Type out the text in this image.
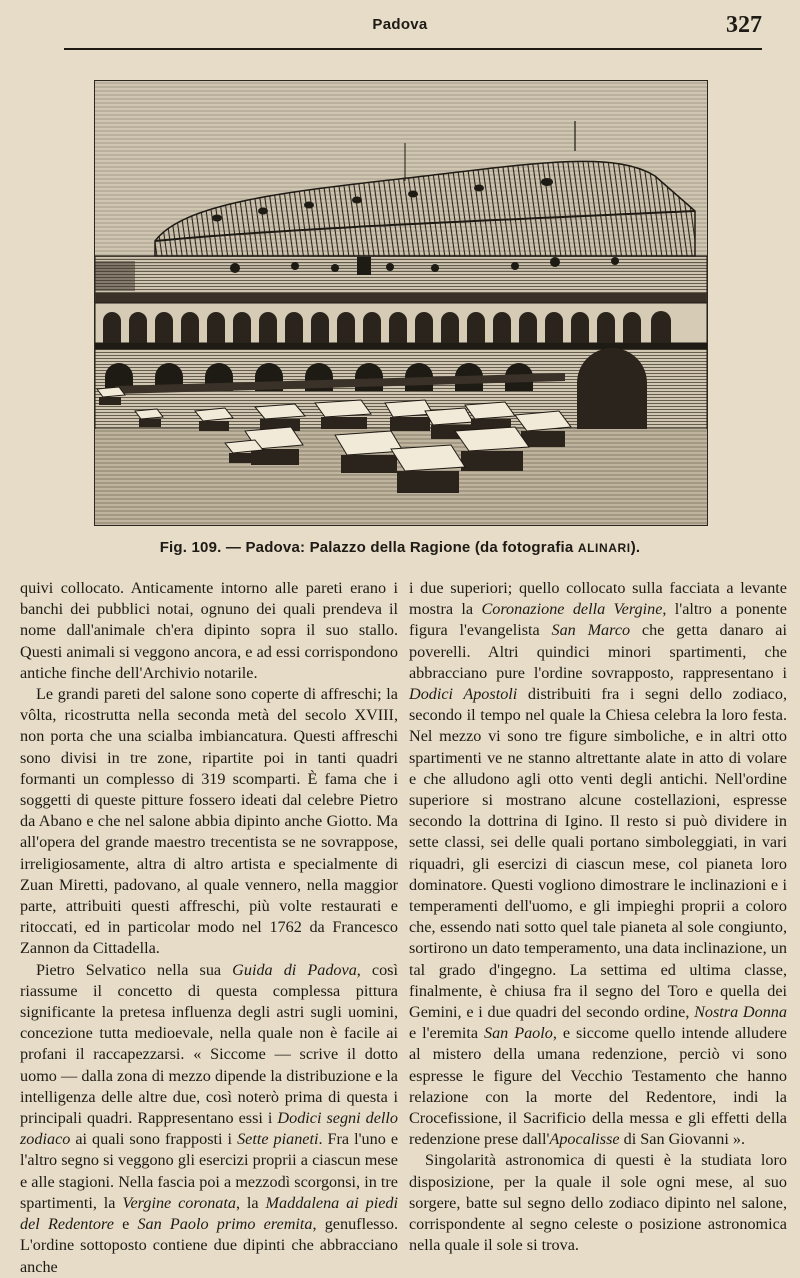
Padova	327
Fig. 109. — Padova: Palazzo della Ragione (da fotografia ALINARI).

quivi collocato. Anticamente intorno alle pareti erano i banchi dei pubblici notai, ognuno dei quali prendeva il nome dall'animale ch'era dipinto sopra il suo stallo. Questi animali si veggono ancora, e ad essi corrispondono antiche finche dell'Archivio notarile.

Le grandi pareti del salone sono coperte di affreschi; la vôlta, ricostrutta nella seconda metà del secolo XVIII, non porta che una scialba imbiancatura. Questi affreschi sono divisi in tre zone, ripartite poi in tanti quadri formanti un complesso di 319 scomparti. È fama che i soggetti di queste pitture fossero ideati dal celebre Pietro da Abano e che nel salone abbia dipinto anche Giotto. Ma all'opera del grande maestro trecentista se ne sovrappose, irreligiosamente, altra di altro artista e specialmente di Zuan Miretti, padovano, al quale vennero, nella maggior parte, attribuiti questi affreschi, più volte restaurati e ritoccati, ed in particolar modo nel 1762 da Francesco Zannon da Cittadella.

Pietro Selvatico nella sua Guida di Padova, così riassume il concetto di questa complessa pittura significante la pretesa influenza degli astri sugli uomini, concezione tutta medioevale, nella quale non è facile ai profani il raccapezzarsi. « Siccome — scrive il dotto uomo — dalla zona di mezzo dipende la distribuzione e la intelligenza delle altre due, così noterò prima di questa i principali quadri. Rappresentano essi i Dodici segni dello zodiaco ai quali sono frapposti i Sette pianeti. Fra l'uno e l'altro segno si veggono gli esercizi proprii a ciascun mese e alle stagioni. Nella fascia poi a mezzodì scorgonsi, in tre spartimenti, la Vergine coronata, la Maddalena ai piedi del Redentore e San Paolo primo eremita, genuflesso. L'ordine sottoposto contiene due dipinti che abbracciano anche

i due superiori; quello collocato sulla facciata a levante mostra la Coronazione della Vergine, l'altro a ponente figura l'evangelista San Marco che getta danaro ai poverelli. Altri quindici minori spartimenti, che abbracciano pure l'ordine sovrapposto, rappresentano i Dodici Apostoli distribuiti fra i segni dello zodiaco, secondo il tempo nel quale la Chiesa celebra la loro festa. Nel mezzo vi sono tre figure simboliche, e in altri otto spartimenti ve ne stanno altrettante alate in atto di volare e che alludono agli otto venti degli antichi. Nell'ordine superiore si mostrano alcune costellazioni, espresse secondo la dottrina di Igino. Il resto si può dividere in sette classi, sei delle quali portano simboleggiati, in vari riquadri, gli esercizi di ciascun mese, col pianeta loro dominatore. Questi vogliono dimostrare le inclinazioni e i temperamenti dell'uomo, e gli impieghi proprii a coloro che, essendo nati sotto quel tale pianeta al sole congiunto, sortirono un dato temperamento, una data inclinazione, un tal grado d'ingegno. La settima ed ultima classe, finalmente, è chiusa fra il segno del Toro e quella dei Gemini, e i due quadri del secondo ordine, Nostra Donna e l'eremita San Paolo, e siccome quello intende alludere al mistero della umana redenzione, perciò vi sono espresse le figure del Vecchio Testamento che hanno relazione con la morte del Redentore, indi la Crocefissione, il Sacrificio della messa e gli effetti della redenzione prese dall'Apocalisse di San Giovanni ».

Singolarità astronomica di questi è la studiata loro disposizione, per la quale il sole ogni mese, al suo sorgere, batte sul segno dello zodiaco dipinto nel salone, corrispondente al segno celeste o posizione astronomica nella quale il sole si trova.
